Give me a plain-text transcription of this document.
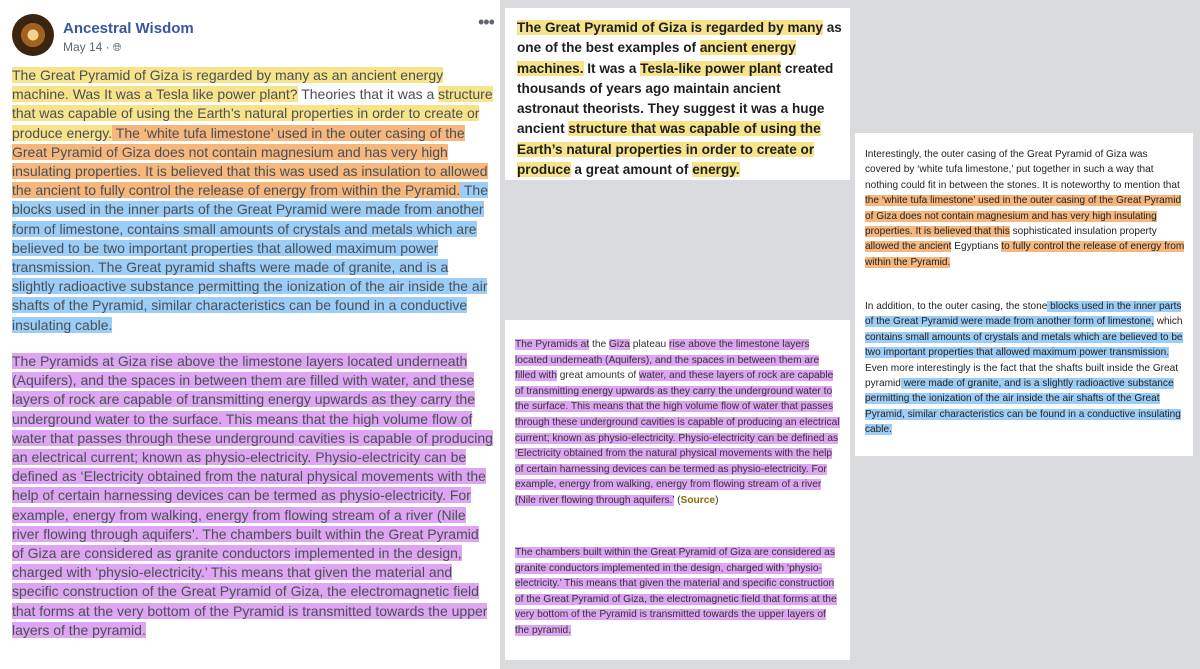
Ancestral Wisdom
May 14 · 🌐︎
•••
The Great Pyramid of Giza is regarded by many as an ancient energy machine. Was It was a Tesla like power plant? Theories that it was a structure that was capable of using the Earth’s natural properties in order to create or produce energy. The ‘white tufa limestone’ used in the outer casing of the Great Pyramid of Giza does not contain magnesium and has very high insulating properties. It is believed that this was used as insulation to allowed the ancient to fully control the release of energy from within the Pyramid. The blocks used in the inner parts of the Great Pyramid were made from another form of limestone, contains small amounts of crystals and metals which are believed to be two important properties that allowed maximum power transmission. The Great pyramid shafts were made of granite, and is a slightly radioactive substance permitting the ionization of the air inside the air shafts of the Pyramid, similar characteristics can be found in a conductive insulating cable.
The Pyramids at Giza rise above the limestone layers located underneath (Aquifers), and the spaces in between them are filled with water, and these layers of rock are capable of transmitting energy upwards as they carry the underground water to the surface. This means that the high volume flow of water that passes through these underground cavities is capable of producing an electrical current; known as physio-electricity. Physio-electricity can be defined as ‘Electricity obtained from the natural physical movements with the help of certain harnessing devices can be termed as physio-electricity. For example, energy from walking, energy from flowing stream of a river (Nile river flowing through aquifers’. The chambers built within the Great Pyramid of Giza are considered as granite conductors implemented in the design, charged with ‘physio-electricity.’ This means that given the material and specific construction of the Great Pyramid of Giza, the electromagnetic field that forms at the very bottom of the Pyramid is transmitted towards the upper layers of the pyramid.
The Great Pyramid of Giza is regarded by many as one of the best examples of ancient energy machines. It was a Tesla-like power plant created thousands of years ago maintain ancient astronaut theorists. They suggest it was a huge ancient structure that was capable of using the Earth’s natural properties in order to create or produce a great amount of energy.
The Pyramids at the Giza plateau rise above the limestone layers located underneath (Aquifers), and the spaces in between them are filled with great amounts of water, and these layers of rock are capable of transmitting energy upwards as they carry the underground water to the surface. This means that the high volume flow of water that passes through these underground cavities is capable of producing an electrical current; known as physio-electricity. Physio-electricity can be defined as ‘Electricity obtained from the natural physical movements with the help of certain harnessing devices can be termed as physio-electricity. For example, energy from walking, energy from flowing stream of a river (Nile river flowing through aquifers.’ (Source)
The chambers built within the Great Pyramid of Giza are considered as granite conductors implemented in the design, charged with ‘physio-electricity.’ This means that given the material and specific construction of the Great Pyramid of Giza, the electromagnetic field that forms at the very bottom of the Pyramid is transmitted towards the upper layers of the pyramid.
Interestingly, the outer casing of the Great Pyramid of Giza was covered by ‘white tufa limestone,’ put together in such a way that nothing could fit in between the stones. It is noteworthy to mention that the ‘white tufa limestone’ used in the outer casing of the Great Pyramid of Giza does not contain magnesium and has very high insulating properties. It is believed that this sophisticated insulation property allowed the ancient Egyptians to fully control the release of energy from within the Pyramid.
In addition, to the outer casing, the stone blocks used in the inner parts of the Great Pyramid were made from another form of limestone, which contains small amounts of crystals and metals which are believed to be two important properties that allowed maximum power transmission. Even more interestingly is the fact that the shafts built inside the Great pyramid were made of granite, and is a slightly radioactive substance permitting the ionization of the air inside the air shafts of the Great Pyramid, similar characteristics can be found in a conductive insulating cable.
